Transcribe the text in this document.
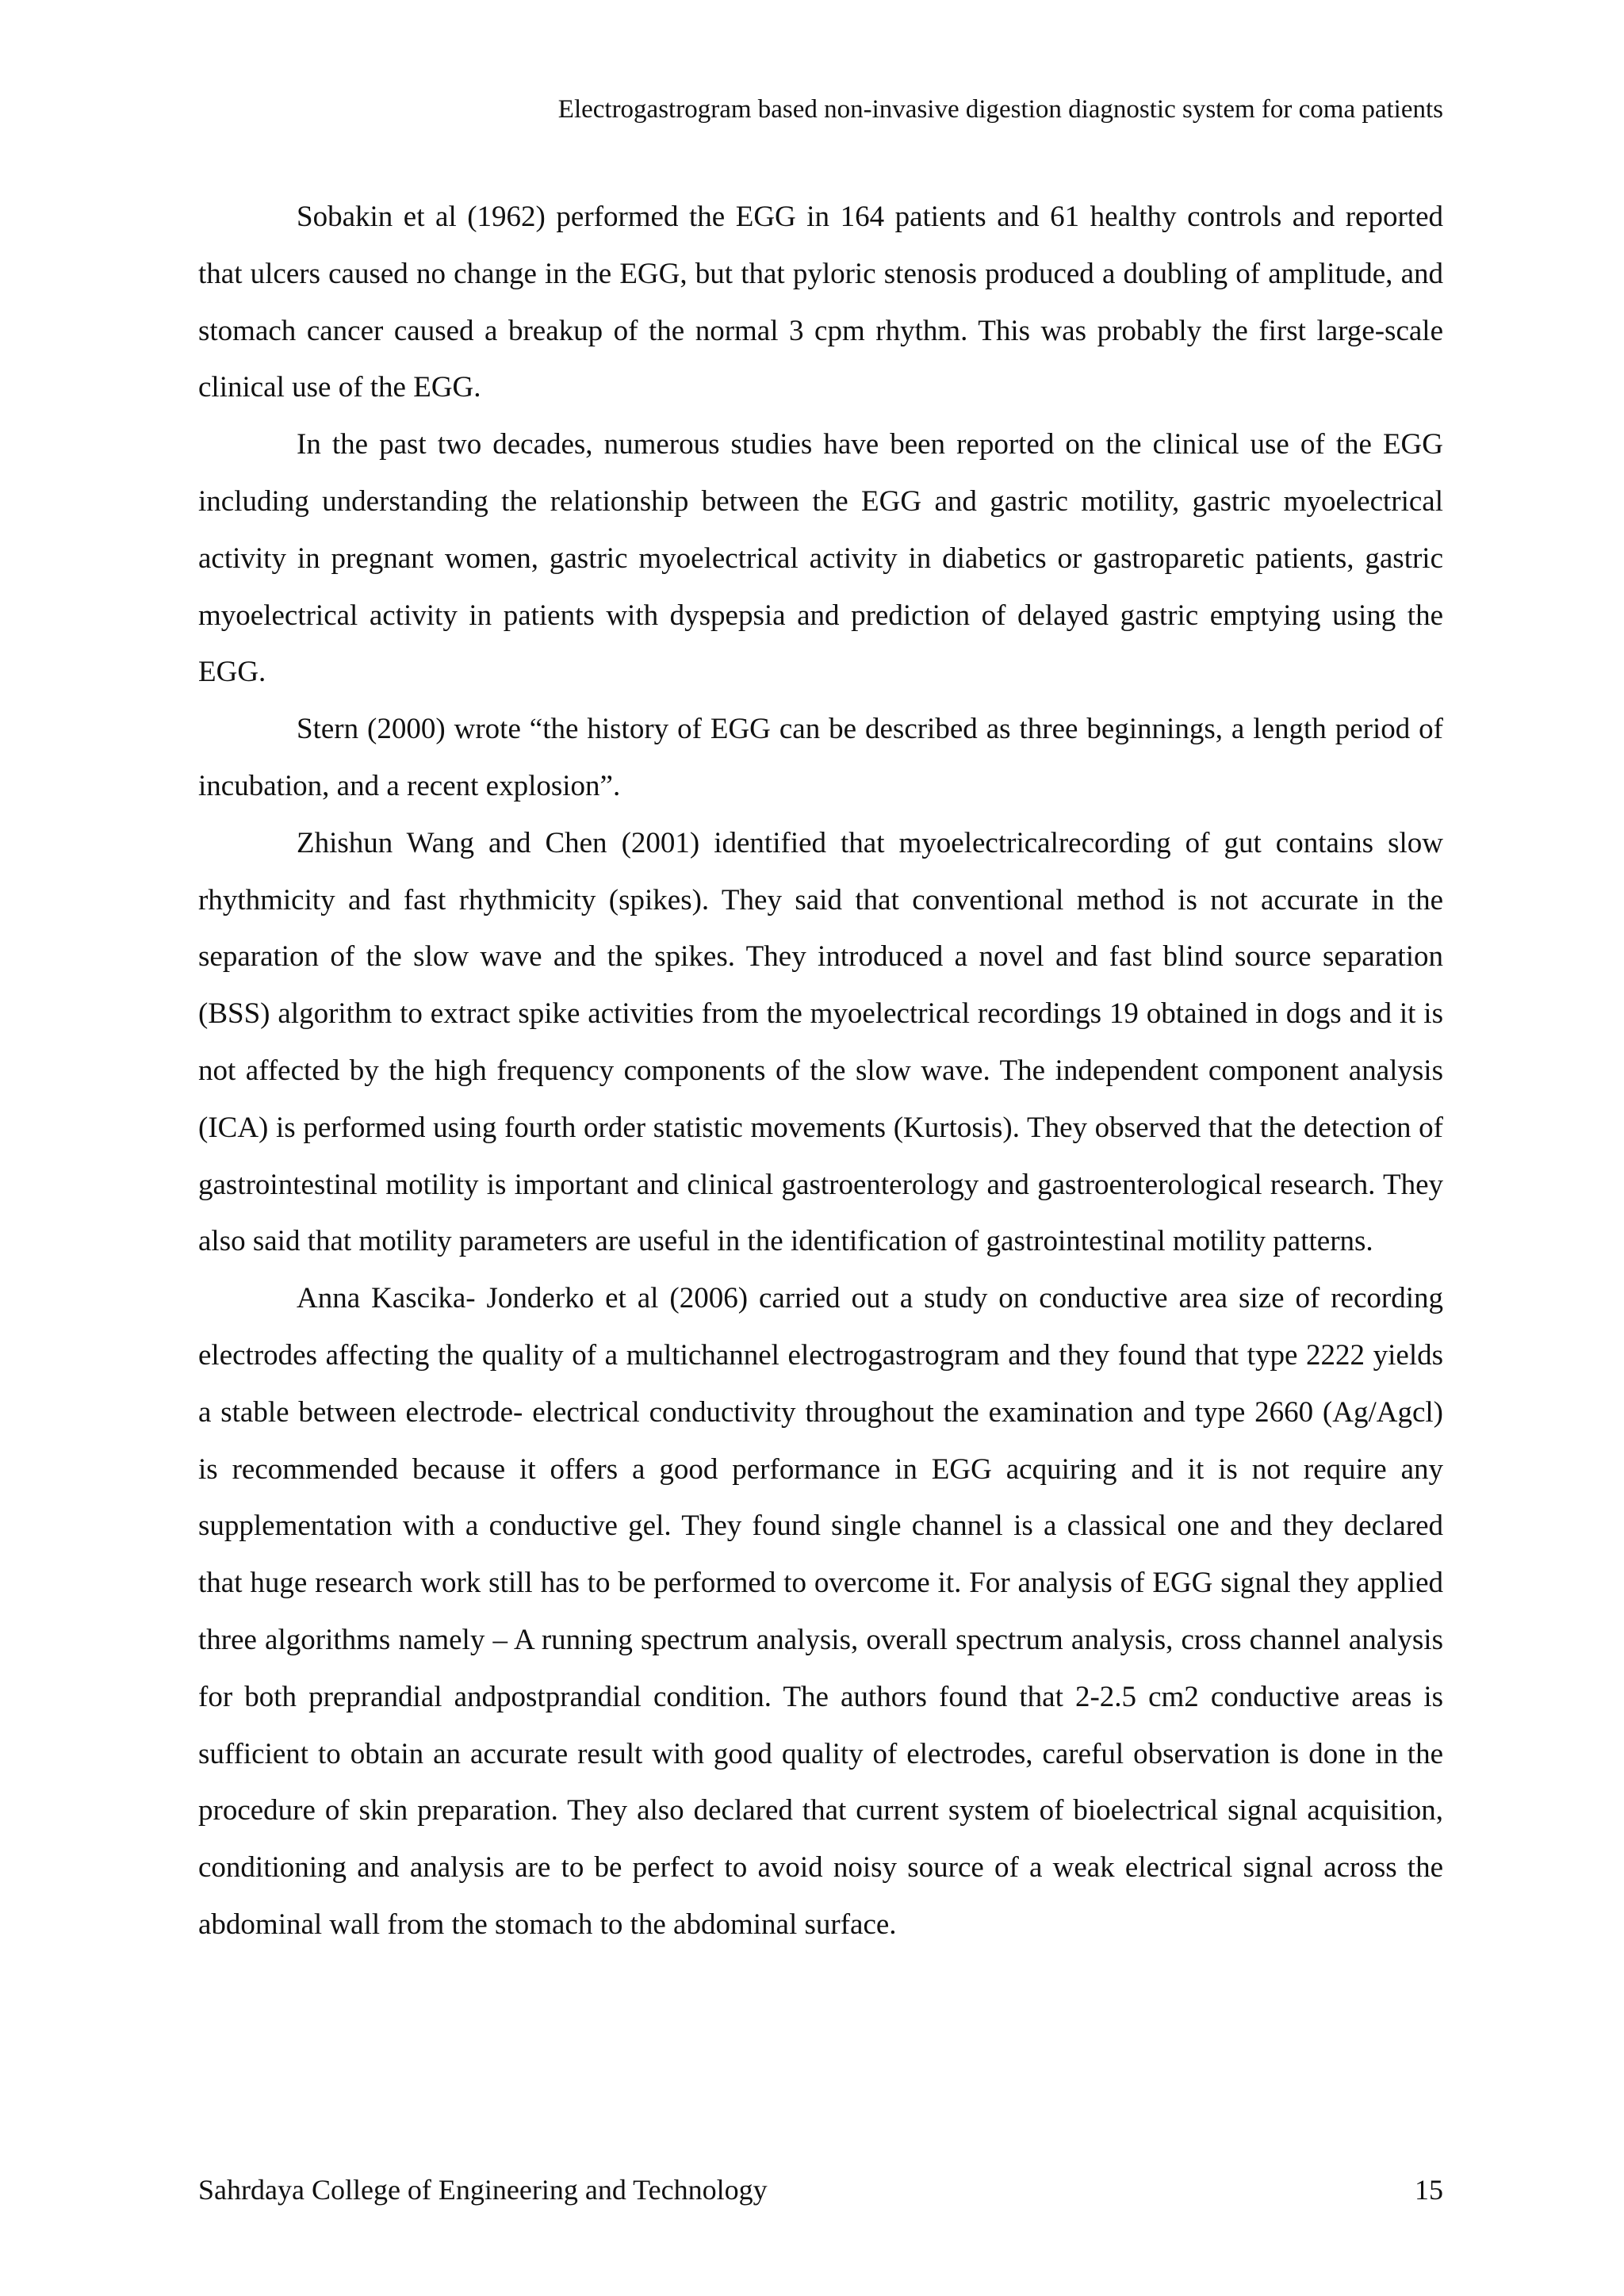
Electrogastrogram based non-invasive digestion diagnostic system for coma patients

Sobakin et al (1962) performed the EGG in 164 patients and 61 healthy controls and reported that ulcers caused no change in the EGG, but that pyloric stenosis produced a doubling of amplitude, and stomach cancer caused a breakup of the normal 3 cpm rhythm. This was probably the first large-scale clinical use of the EGG.

In the past two decades, numerous studies have been reported on the clinical use of the EGG including understanding the relationship between the EGG and gastric motility, gastric myoelectrical activity in pregnant women, gastric myoelectrical activity in diabetics or gastroparetic patients, gastric myoelectrical activity in patients with dyspepsia and prediction of delayed gastric emptying using the EGG.

Stern (2000) wrote “the history of EGG can be described as three beginnings, a length period of incubation, and a recent explosion”.

Zhishun Wang and Chen (2001) identified that myoelectricalrecording of gut contains slow rhythmicity and fast rhythmicity (spikes). They said that conventional method is not accurate in the separation of the slow wave and the spikes. They introduced a novel and fast blind source separation (BSS) algorithm to extract spike activities from the myoelectrical recordings 19 obtained in dogs and it is not affected by the high frequency components of the slow wave. The independent component analysis (ICA) is performed using fourth order statistic movements (Kurtosis). They observed that the detection of gastrointestinal motility is important and clinical gastroenterology and gastroenterological research. They also said that motility parameters are useful in the identification of gastrointestinal motility patterns.

Anna Kascika- Jonderko et al (2006) carried out a study on conductive area size of recording electrodes affecting the quality of a multichannel electrogastrogram and they found that type 2222 yields a stable between electrode- electrical conductivity throughout the examination and type 2660 (Ag/Agcl) is recommended because it offers a good performance in EGG acquiring and it is not require any supplementation with a conductive gel. They found single channel is a classical one and they declared that huge research work still has to be performed to overcome it. For analysis of EGG signal they applied three algorithms namely – A running spectrum analysis, overall spectrum analysis, cross channel analysis for both preprandial andpostprandial condition. The authors found that 2-2.5 cm2 conductive areas is sufficient to obtain an accurate result with good quality of electrodes, careful observation is done in the procedure of skin preparation. They also declared that current system of bioelectrical signal acquisition, conditioning and analysis are to be perfect to avoid noisy source of a weak electrical signal across the abdominal wall from the stomach to the abdominal surface.

Sahrdaya College of Engineering and Technology	15
